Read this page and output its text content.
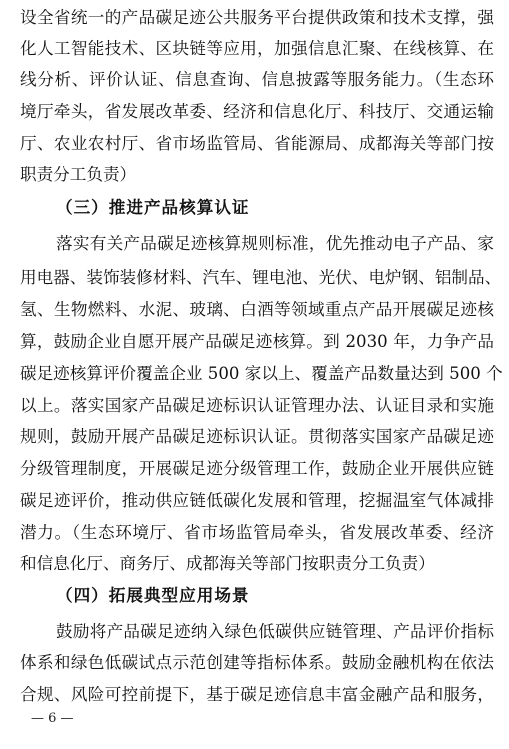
设全省统一的产品碳足迹公共服务平台提供政策和技术支撑，强
化人工智能技术、区块链等应用，加强信息汇聚、在线核算、在
线分析、评价认证、信息查询、信息披露等服务能力。（生态环
境厅牵头，省发展改革委、经济和信息化厅、科技厅、交通运输
厅、农业农村厅、省市场监管局、省能源局、成都海关等部门按
职责分工负责）
（三）推进产品核算认证
落实有关产品碳足迹核算规则标准，优先推动电子产品、家
用电器、装饰装修材料、汽车、锂电池、光伏、电炉钢、铝制品、
氢、生物燃料、水泥、玻璃、白酒等领域重点产品开展碳足迹核
算，鼓励企业自愿开展产品碳足迹核算。到 2030 年，力争产品
碳足迹核算评价覆盖企业 500 家以上、覆盖产品数量达到 500 个
以上。落实国家产品碳足迹标识认证管理办法、认证目录和实施
规则，鼓励开展产品碳足迹标识认证。贯彻落实国家产品碳足迹
分级管理制度，开展碳足迹分级管理工作，鼓励企业开展供应链
碳足迹评价，推动供应链低碳化发展和管理，挖掘温室气体减排
潜力。（生态环境厅、省市场监管局牵头，省发展改革委、经济
和信息化厅、商务厅、成都海关等部门按职责分工负责）
（四）拓展典型应用场景
鼓励将产品碳足迹纳入绿色低碳供应链管理、产品评价指标
体系和绿色低碳试点示范创建等指标体系。鼓励金融机构在依法
合规、风险可控前提下，基于碳足迹信息丰富金融产品和服务，
— 6 —
